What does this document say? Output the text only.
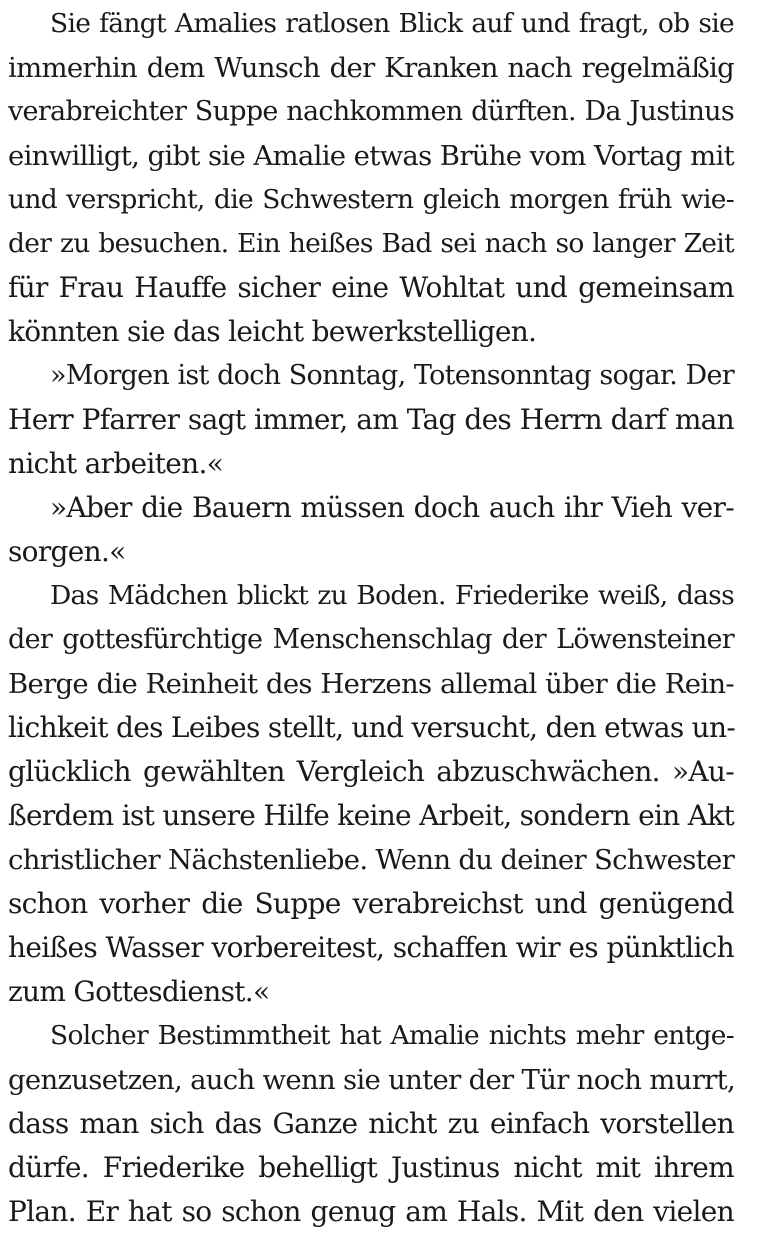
Sie fängt Amalies ratlosen Blick auf und fragt, ob sie
immerhin dem Wunsch der Kranken nach regelmäßig
verabreichter Suppe nachkommen dürften. Da Justinus
einwilligt, gibt sie Amalie etwas Brühe vom Vortag mit
und verspricht, die Schwestern gleich morgen früh wie-
der zu besuchen. Ein heißes Bad sei nach so langer Zeit
für Frau Hauffe sicher eine Wohltat und gemeinsam
könnten sie das leicht bewerkstelligen.
»Morgen ist doch Sonntag, Totensonntag sogar. Der
Herr Pfarrer sagt immer, am Tag des Herrn darf man
nicht arbeiten.«
»Aber die Bauern müssen doch auch ihr Vieh ver-
sorgen.«
Das Mädchen blickt zu Boden. Friederike weiß, dass
der gottesfürchtige Menschenschlag der Löwensteiner
Berge die Reinheit des Herzens allemal über die Rein-
lichkeit des Leibes stellt, und versucht, den etwas un-
glücklich gewählten Vergleich abzuschwächen. »Au-
ßerdem ist unsere Hilfe keine Arbeit, sondern ein Akt
christlicher Nächstenliebe. Wenn du deiner Schwester
schon vorher die Suppe verabreichst und genügend
heißes Wasser vorbereitest, schaffen wir es pünktlich
zum Gottesdienst.«
Solcher Bestimmtheit hat Amalie nichts mehr entge-
genzusetzen, auch wenn sie unter der Tür noch murrt,
dass man sich das Ganze nicht zu einfach vorstellen
dürfe. Friederike behelligt Justinus nicht mit ihrem
Plan. Er hat so schon genug am Hals. Mit den vielen
